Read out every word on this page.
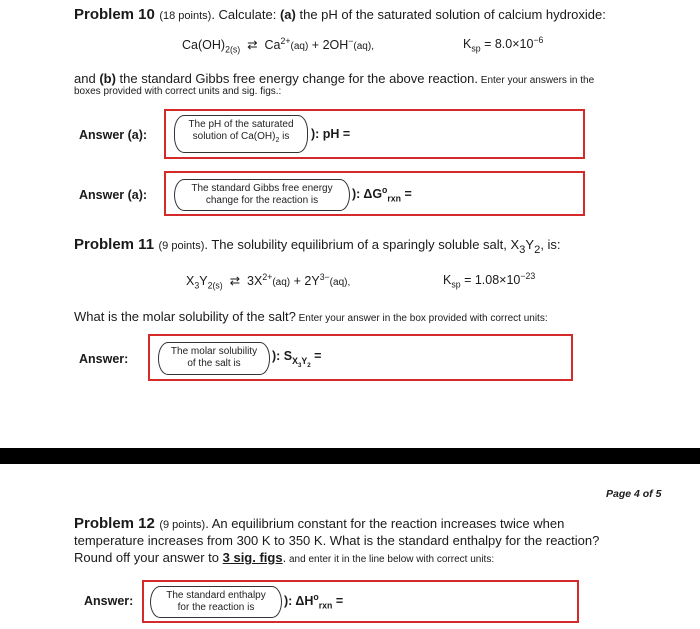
Problem 10 (18 points). Calculate: (a) the pH of the saturated solution of calcium hydroxide:
$Ca(OH)_{2(s)}$ ⇄ $Ca^{2+}(aq) + 2OH^-(aq)$,	$K_{sp} = 8.0\times 10^{-6}$
and (b) the standard Gibbs free energy change for the above reaction. Enter your answers in the
boxes provided with correct units and sig. figs.:
Answer (a):
The pH of the saturated
solution of $Ca(OH)_2$ is	): pH =
Answer (a):	The standard Gibbs free energy
change for the reaction is	): $\Delta G^o_{rxn}$ =
Problem 11 (9 points). The solubility equilibrium of a sparingly soluble salt, $X_3Y_2$, is:
$X_3Y_{2(s)}$ ⇄ $3X^{2+}(aq) + 2Y^{3-}(aq)$,	$K_{sp} = 1.08\times 10^{-23}$
What is the molar solubility of the salt? Enter your answer in the box provided with correct units:
Answer:
The molar solubility
of the salt is
): $S_{X_3Y_2}$ =
Page 4 of 5
Problem 12 (9 points). An equilibrium constant for the reaction increases twice when
temperature increases from 300 K to 350 K. What is the standard enthalpy for the reaction?
Round off your answer to 3 sig. figs. and enter it in the line below with correct units:
Answer:	The standard enthalpy
for the reaction is	): $\Delta H^o_{rxn}$ =
